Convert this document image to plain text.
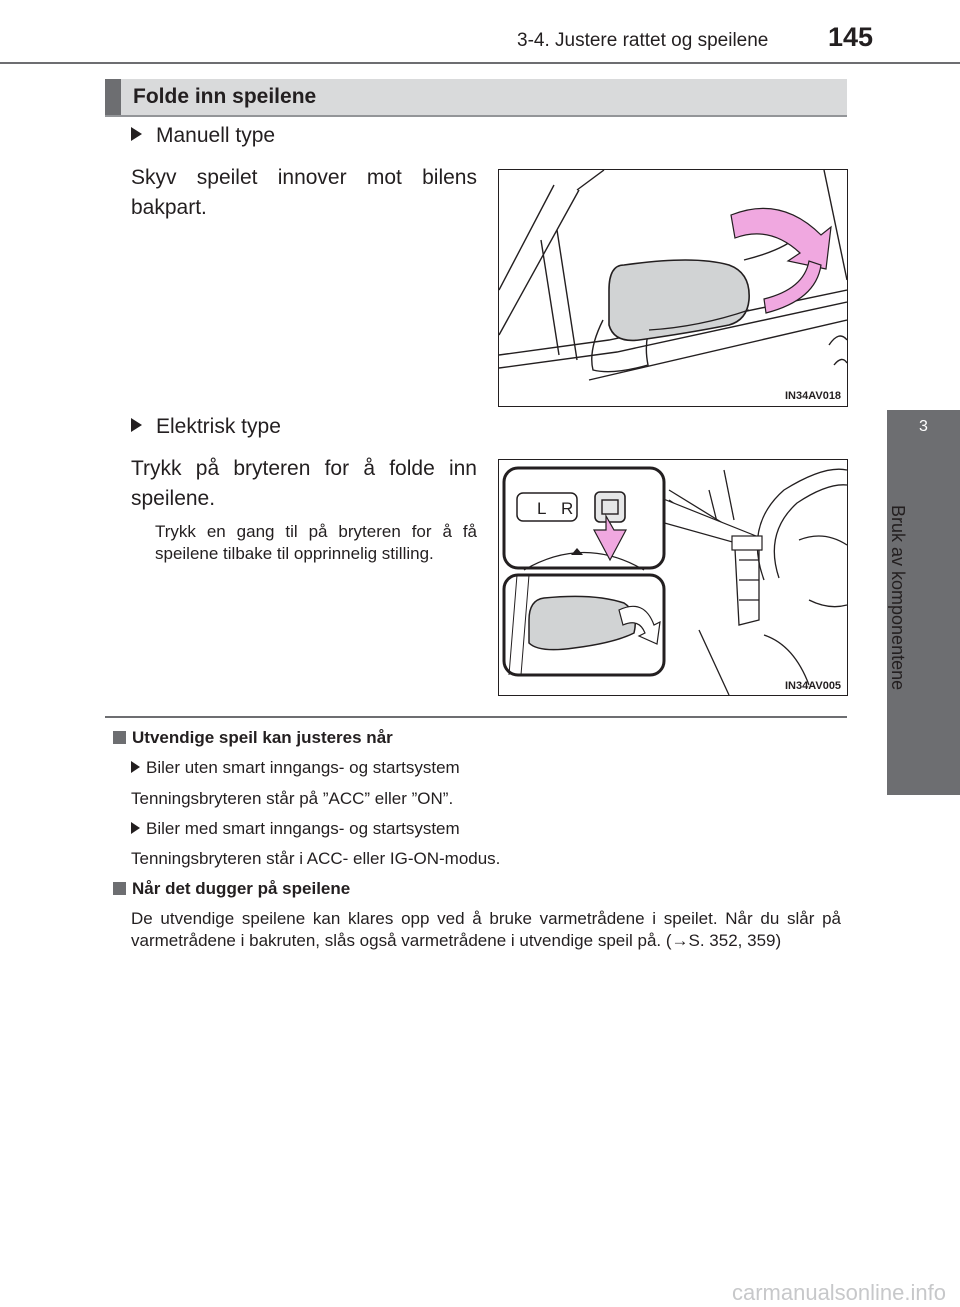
3-4. Justere rattet og speilene 145
3
Bruk av komponentene
Folde inn speilene
Manuell type
Skyv speilet innover mot bilens bakpart.
IN34AV018
Elektrisk type
Trykk på bryteren for å folde inn speilene.
Trykk en gang til på bryteren for å få speilene tilbake til opprinnelig stilling.
L R
IN34AV005
Utvendige speil kan justeres når
Biler uten smart inngangs- og startsystem
Tenningsbryteren står på ”ACC” eller ”ON”.
Biler med smart inngangs- og startsystem
Tenningsbryteren står i ACC- eller IG-ON-modus.
Når det dugger på speilene
De utvendige speilene kan klares opp ved å bruke varmetrådene i speilet. Når du slår på varmetrådene i bakruten, slås også varmetrådene i utvendige speil på. (→S. 352, 359)
carmanualsonline.info
